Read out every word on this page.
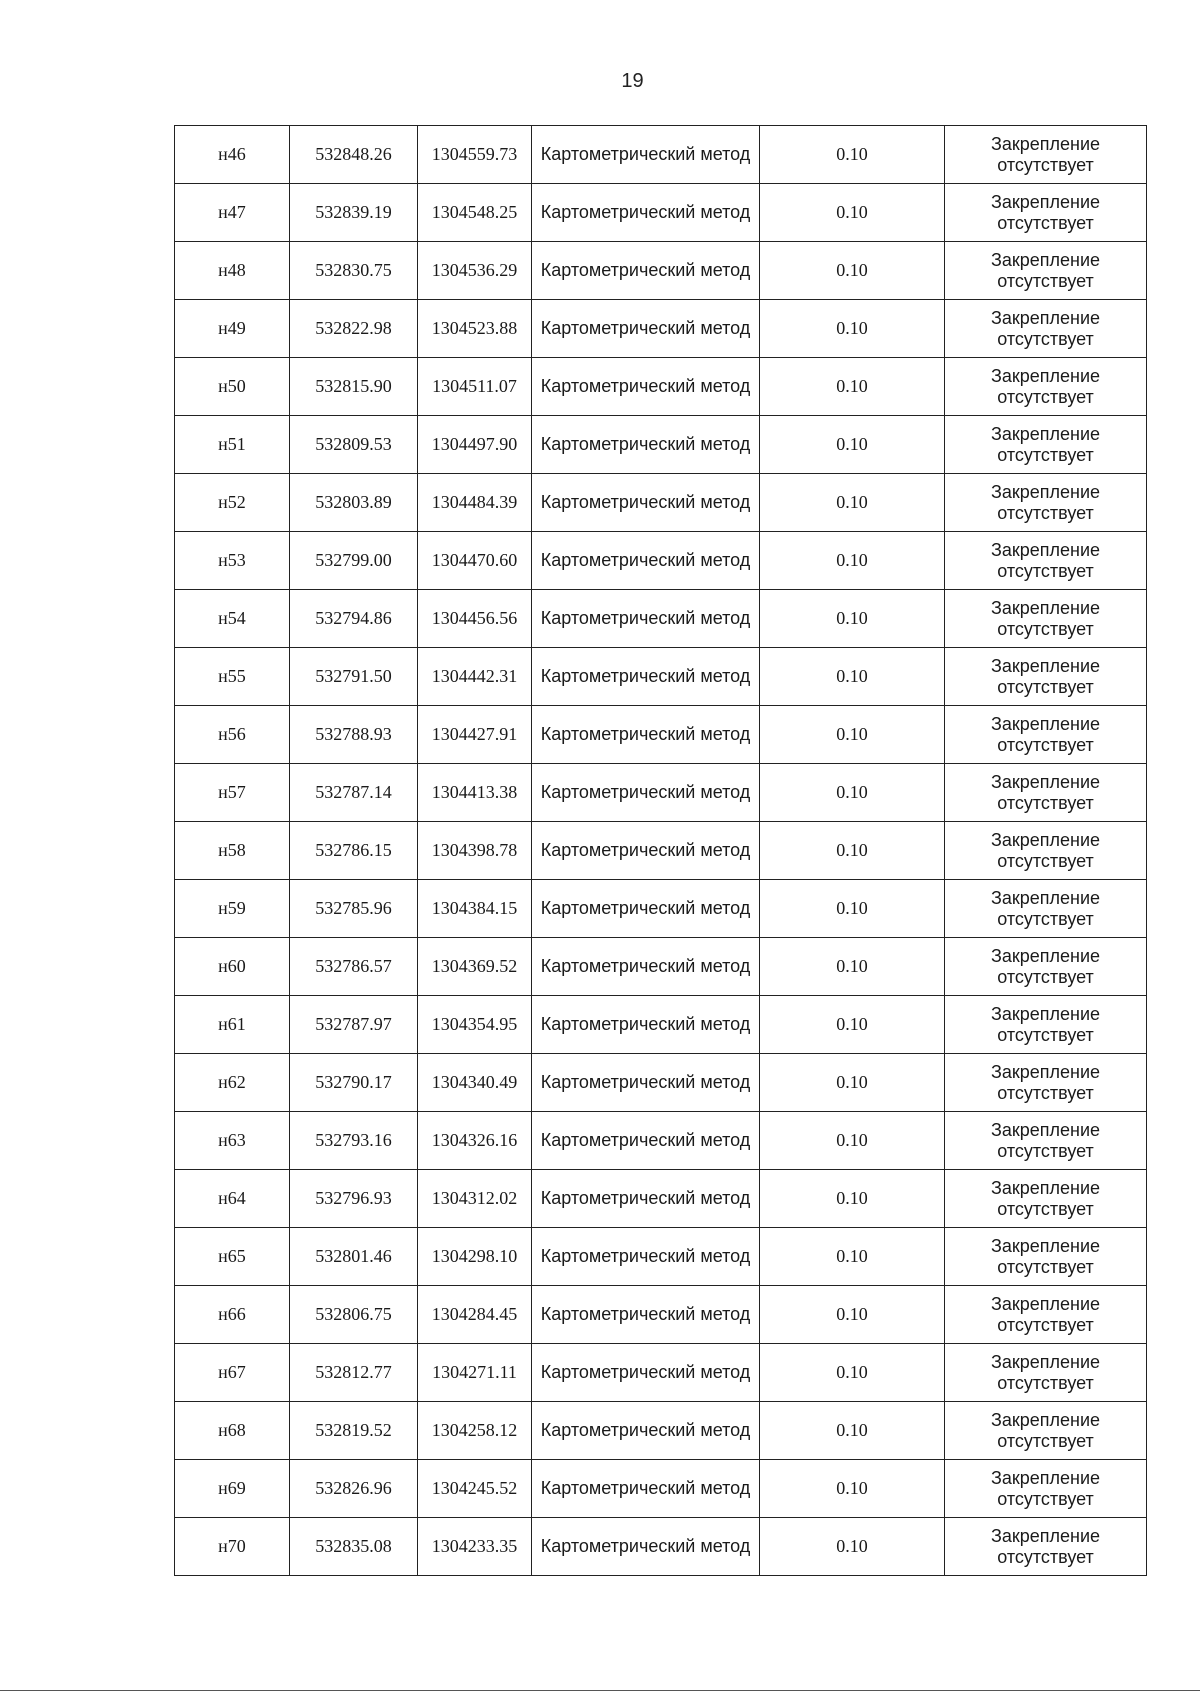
19
н46	532848.26	1304559.73	Картометрический метод	0.10	Закрепление
отсутствует

н47	532839.19	1304548.25	Картометрический метод	0.10	Закрепление
отсутствует

н48	532830.75	1304536.29	Картометрический метод	0.10	Закрепление
отсутствует

н49	532822.98	1304523.88	Картометрический метод	0.10	Закрепление
отсутствует

н50	532815.90	1304511.07	Картометрический метод	0.10	Закрепление
отсутствует

н51	532809.53	1304497.90	Картометрический метод	0.10	Закрепление
отсутствует

н52	532803.89	1304484.39	Картометрический метод	0.10	Закрепление
отсутствует

н53	532799.00	1304470.60	Картометрический метод	0.10	Закрепление
отсутствует

н54	532794.86	1304456.56	Картометрический метод	0.10	Закрепление
отсутствует

н55	532791.50	1304442.31	Картометрический метод	0.10	Закрепление
отсутствует

н56	532788.93	1304427.91	Картометрический метод	0.10	Закрепление
отсутствует

н57	532787.14	1304413.38	Картометрический метод	0.10	Закрепление
отсутствует

н58	532786.15	1304398.78	Картометрический метод	0.10	Закрепление
отсутствует

н59	532785.96	1304384.15	Картометрический метод	0.10	Закрепление
отсутствует

н60	532786.57	1304369.52	Картометрический метод	0.10	Закрепление
отсутствует

н61	532787.97	1304354.95	Картометрический метод	0.10	Закрепление
отсутствует

н62	532790.17	1304340.49	Картометрический метод	0.10	Закрепление
отсутствует

н63	532793.16	1304326.16	Картометрический метод	0.10	Закрепление
отсутствует

н64	532796.93	1304312.02	Картометрический метод	0.10	Закрепление
отсутствует

н65	532801.46	1304298.10	Картометрический метод	0.10	Закрепление
отсутствует

н66	532806.75	1304284.45	Картометрический метод	0.10	Закрепление
отсутствует

н67	532812.77	1304271.11	Картометрический метод	0.10	Закрепление
отсутствует

н68	532819.52	1304258.12	Картометрический метод	0.10	Закрепление
отсутствует

н69	532826.96	1304245.52	Картометрический метод	0.10	Закрепление
отсутствует

н70	532835.08	1304233.35	Картометрический метод	0.10	Закрепление
отсутствует
